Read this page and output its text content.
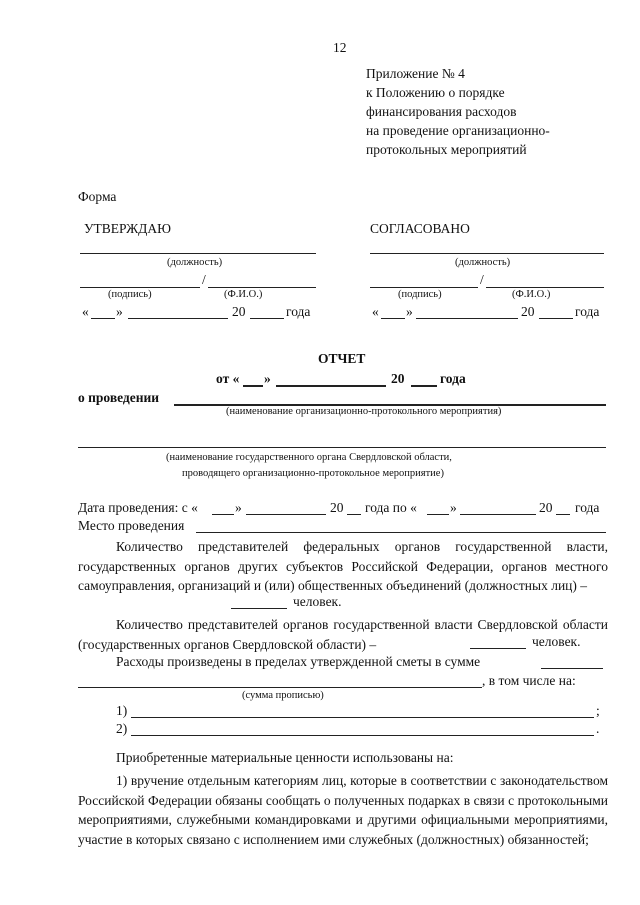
12
Приложение № 4
к Положению о порядке
финансирования расходов
на проведение организационно-
протокольных мероприятий
Форма
УТВЕРЖДАЮ
(должность)
/
(подпись)	(Ф.И.О.)
« »	20	года
СОГЛАСОВАНО
(должность)
/
(подпись)	(Ф.И.О.)
« »	20	года
ОТЧЕТ
от « »	20	года
о проведении
(наименование организационно-протокольного мероприятия)
(наименование государственного органа Свердловской области,
проводящего организационно-протокольное мероприятие)
Дата проведения: с «	»	20 года по « »	20 года
Место проведения
Количество представителей федеральных органов государственной власти, государственных органов других субъектов Российской Федерации, органов местного самоуправления, организаций и (или) общественных объединений (должностных лиц) –
человек.
Количество представителей органов государственной власти Свердловской области (государственных органов Свердловской области) –	человек.
Расходы произведены в пределах утвержденной сметы в сумме
, в том числе на:
(сумма прописью)
1)	;
2)	.
Приобретенные материальные ценности использованы на:
1) вручение отдельным категориям лиц, которые в соответствии с законодательством Российской Федерации обязаны сообщать о полученных подарках в связи с протокольными мероприятиями, служебными командировками и другими официальными мероприятиями, участие в которых связано с исполнением ими служебных (должностных) обязанностей;
